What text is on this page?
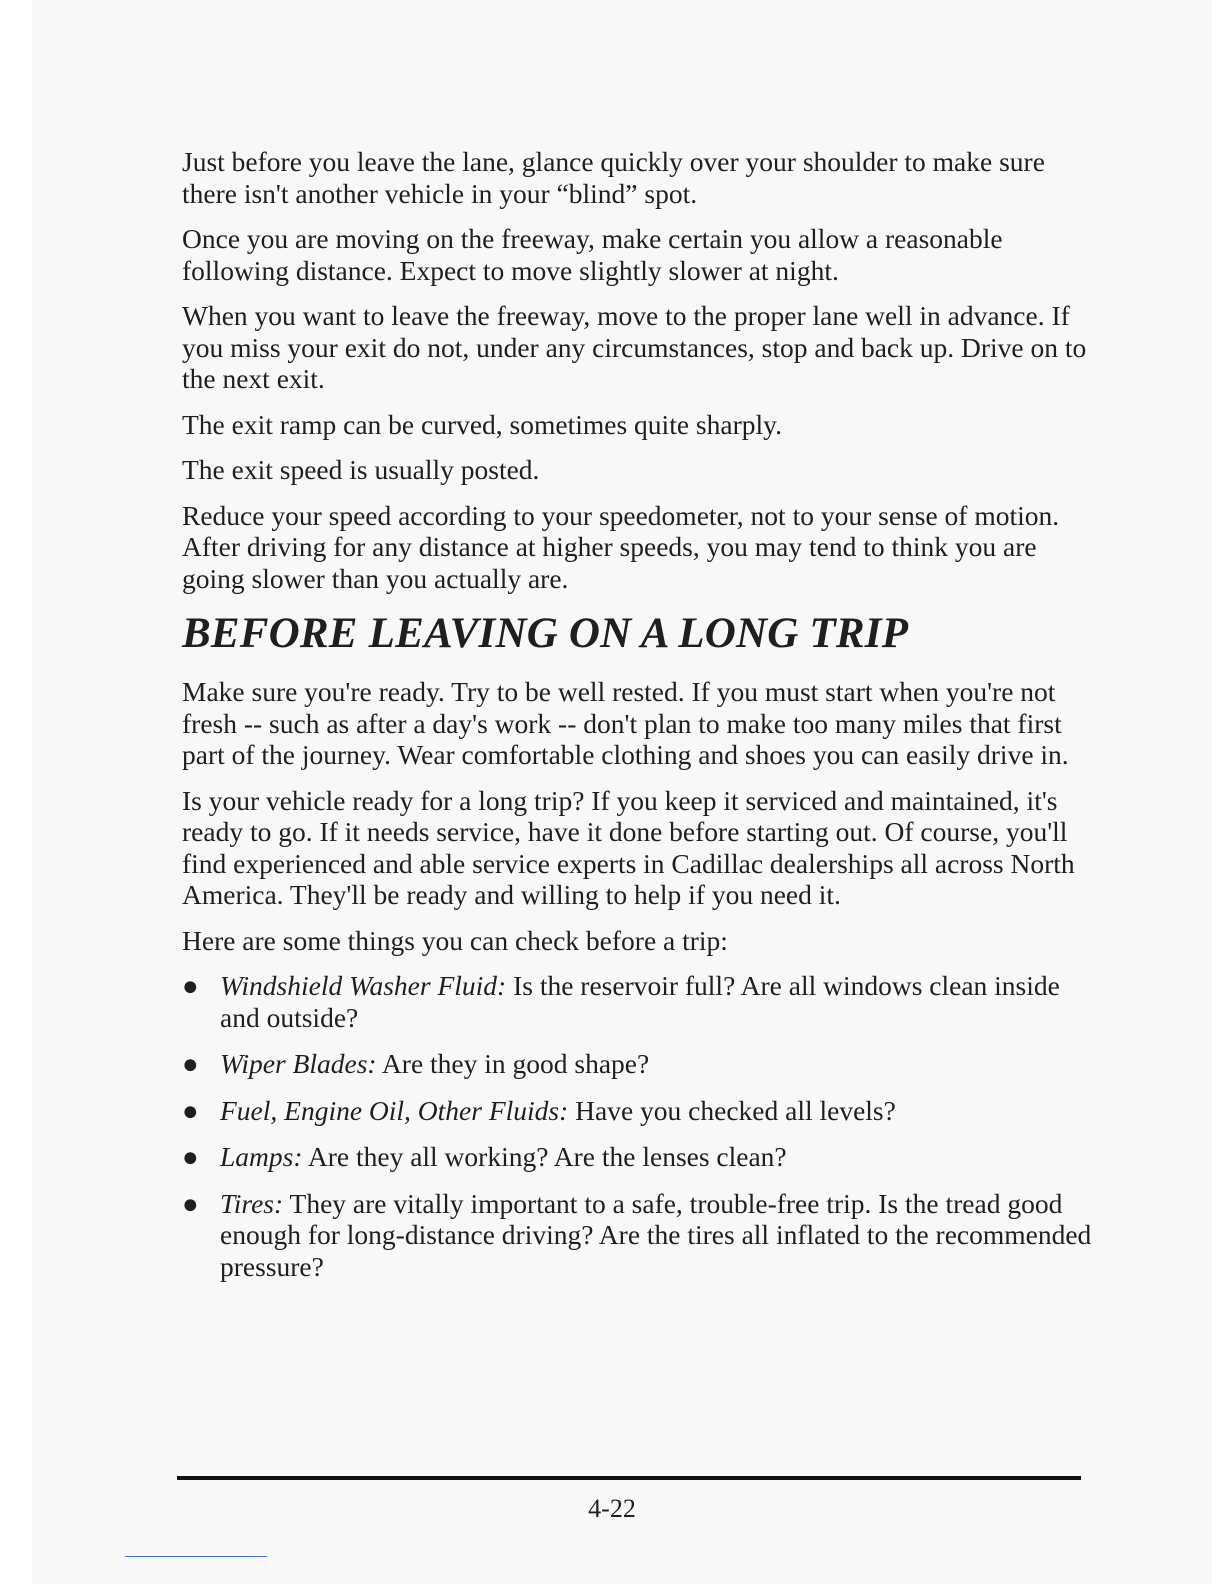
Just before you leave the lane, glance quickly over your shoulder to make sure there isn't another vehicle in your “blind” spot.

Once you are moving on the freeway, make certain you allow a reasonable following distance. Expect to move slightly slower at night.

When you want to leave the freeway, move to the proper lane well in advance. If you miss your exit do not, under any circumstances, stop and back up. Drive on to the next exit.

The exit ramp can be curved, sometimes quite sharply.

The exit speed is usually posted.

Reduce your speed according to your speedometer, not to your sense of motion. After driving for any distance at higher speeds, you may tend to think you are going slower than you actually are.

BEFORE LEAVING ON A LONG TRIP

Make sure you're ready. Try to be well rested. If you must start when you're not fresh -- such as after a day's work -- don't plan to make too many miles that first part of the journey. Wear comfortable clothing and shoes you can easily drive in.

Is your vehicle ready for a long trip? If you keep it serviced and maintained, it's ready to go. If it needs service, have it done before starting out. Of course, you'll find experienced and able service experts in Cadillac dealerships all across North America. They'll be ready and willing to help if you need it.

Here are some things you can check before a trip:

● Windshield Washer Fluid: Is the reservoir full? Are all windows clean inside and outside?
● Wiper Blades: Are they in good shape?
● Fuel, Engine Oil, Other Fluids: Have you checked all levels?
● Lamps: Are they all working? Are the lenses clean?
● Tires: They are vitally important to a safe, trouble-free trip. Is the tread good enough for long-distance driving? Are the tires all inflated to the recommended pressure?
4-22
